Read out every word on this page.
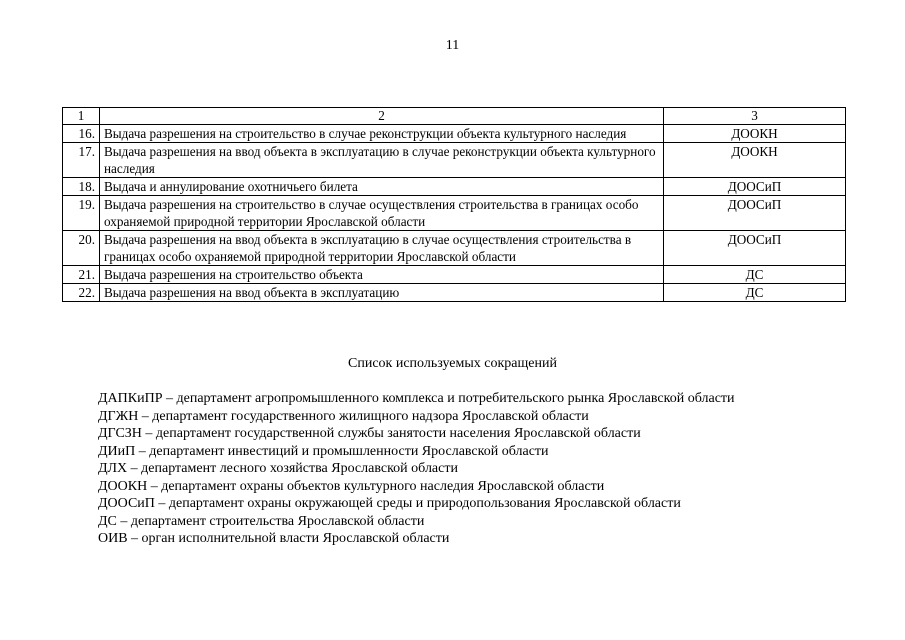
11
1	2	3
16.	Выдача разрешения на строительство в случае реконструкции объекта культурного наследия	ДООКН
17.	Выдача разрешения на ввод объекта в эксплуатацию в случае реконструкции объекта культурного наследия	ДООКН
18.	Выдача и аннулирование охотничьего билета	ДООСиП
19.	Выдача разрешения на строительство в случае осуществления строительства в границах особо охраняемой природной территории Ярославской области	ДООСиП
20.	Выдача разрешения на ввод объекта в эксплуатацию в случае осуществления строительства в границах особо охраняемой природной территории Ярославской области	ДООСиП
21.	Выдача разрешения на строительство объекта	ДС
22.	Выдача разрешения на ввод объекта в эксплуатацию	ДС
Список используемых сокращений
ДАПКиПР – департамент агропромышленного комплекса и потребительского рынка Ярославской области
ДГЖН – департамент государственного жилищного надзора Ярославской области
ДГСЗН – департамент государственной службы занятости населения Ярославской области
ДИиП – департамент инвестиций и промышленности Ярославской области
ДЛХ – департамент лесного хозяйства Ярославской области
ДООКН – департамент охраны объектов культурного наследия Ярославской области
ДООСиП – департамент охраны окружающей среды и природопользования Ярославской области
ДС – департамент строительства Ярославской области
ОИВ – орган исполнительной власти Ярославской области
